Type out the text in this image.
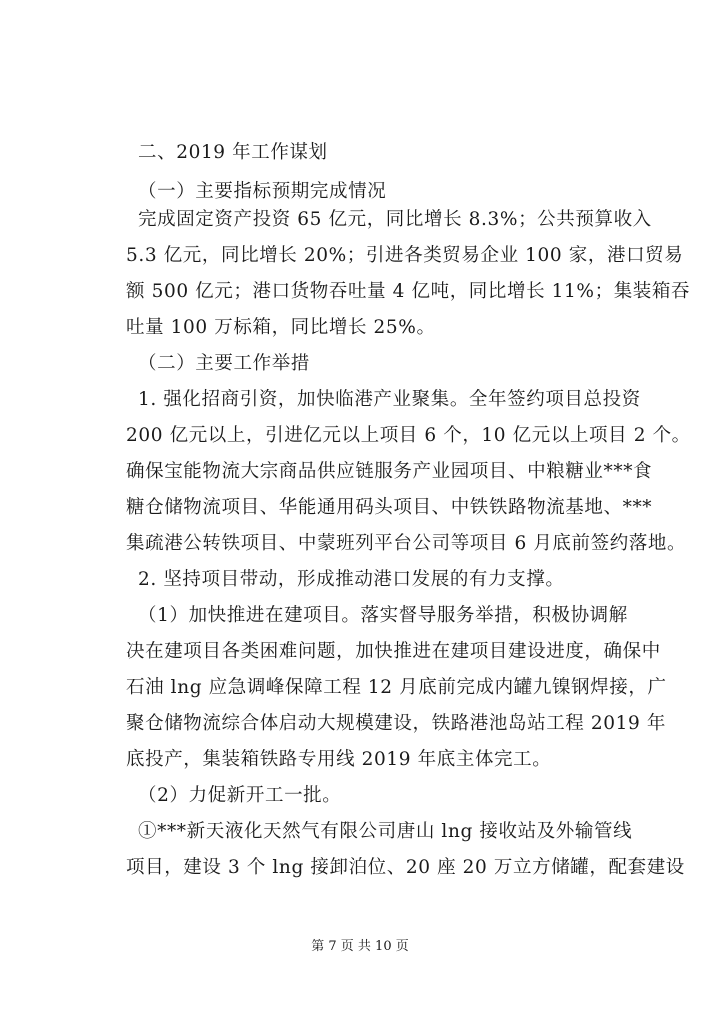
二、2019 年工作谋划
（一）主要指标预期完成情况
完成固定资产投资 65 亿元，同比增长 8.3%；公共预算收入
5.3 亿元，同比增长 20%；引进各类贸易企业 100 家，港口贸易
额 500 亿元；港口货物吞吐量 4 亿吨，同比增长 11%；集装箱吞
吐量 100 万标箱，同比增长 25%。
（二）主要工作举措
1. 强化招商引资，加快临港产业聚集。全年签约项目总投资
200 亿元以上，引进亿元以上项目 6 个，10 亿元以上项目 2 个。
确保宝能物流大宗商品供应链服务产业园项目、中粮糖业***食
糖仓储物流项目、华能通用码头项目、中铁铁路物流基地、***
集疏港公转铁项目、中蒙班列平台公司等项目 6 月底前签约落地。
2. 坚持项目带动，形成推动港口发展的有力支撑。
（1）加快推进在建项目。落实督导服务举措，积极协调解
决在建项目各类困难问题，加快推进在建项目建设进度，确保中
石油 lng 应急调峰保障工程 12 月底前完成内罐九镍钢焊接，广
聚仓储物流综合体启动大规模建设，铁路港池岛站工程 2019 年
底投产，集装箱铁路专用线 2019 年底主体完工。
（2）力促新开工一批。
①***新天液化天然气有限公司唐山 lng 接收站及外输管线
项目，建设 3 个 lng 接卸泊位、20 座 20 万立方储罐，配套建设
第 7 页 共 10 页
